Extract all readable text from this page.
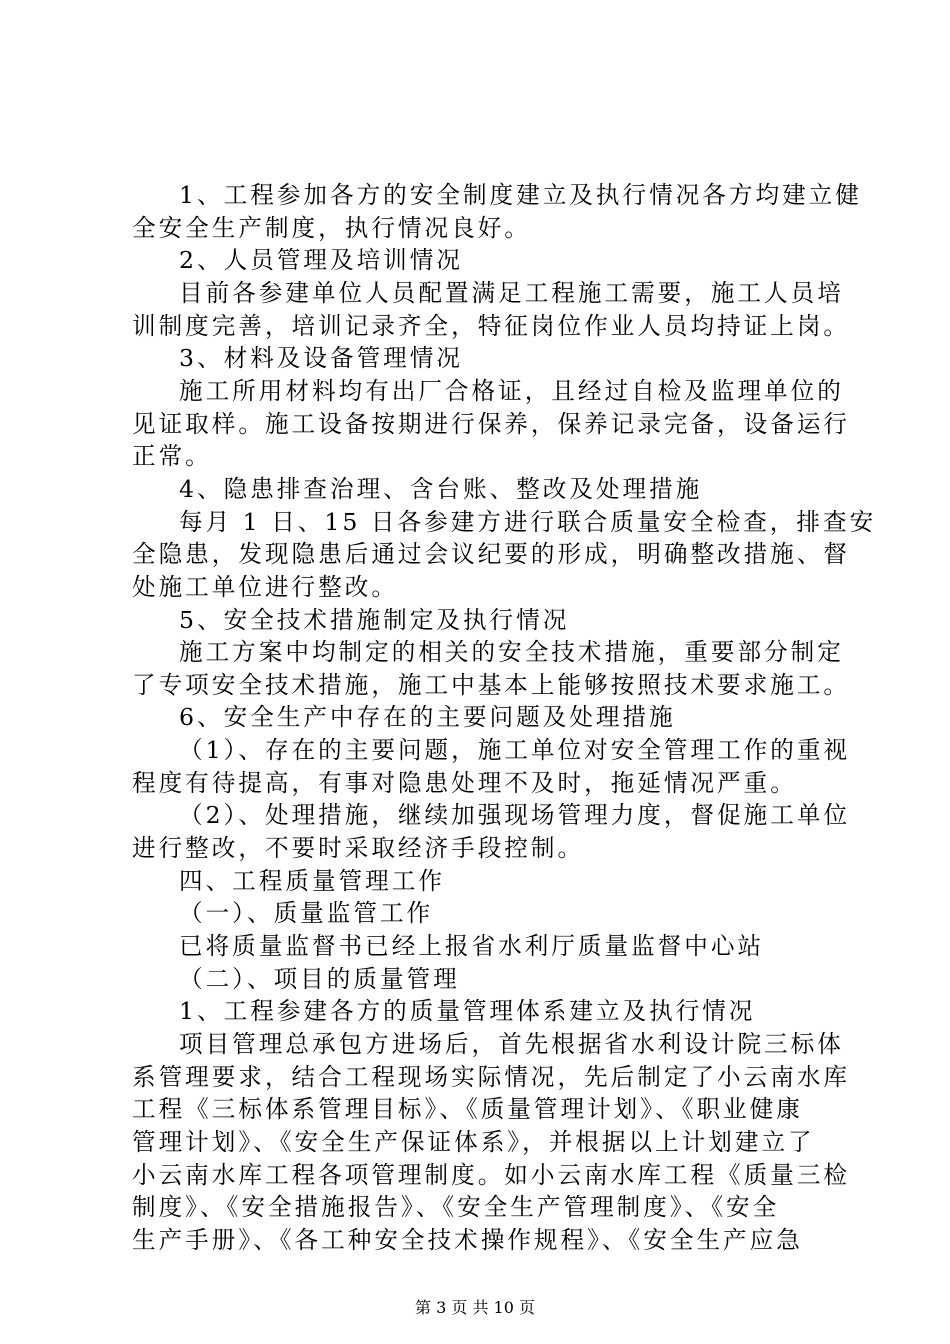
1、工程参加各方的安全制度建立及执行情况各方均建立健
全安全生产制度，执行情况良好。
2、人员管理及培训情况
目前各参建单位人员配置满足工程施工需要，施工人员培
训制度完善，培训记录齐全，特征岗位作业人员均持证上岗。
3、材料及设备管理情况
施工所用材料均有出厂合格证，且经过自检及监理单位的
见证取样。施工设备按期进行保养，保养记录完备，设备运行
正常。
4、隐患排查治理、含台账、整改及处理措施
每月 1 日、15 日各参建方进行联合质量安全检查，排查安
全隐患，发现隐患后通过会议纪要的形成，明确整改措施、督
处施工单位进行整改。
5、安全技术措施制定及执行情况
施工方案中均制定的相关的安全技术措施，重要部分制定
了专项安全技术措施，施工中基本上能够按照技术要求施工。
6、安全生产中存在的主要问题及处理措施
（1）、存在的主要问题，施工单位对安全管理工作的重视
程度有待提高，有事对隐患处理不及时，拖延情况严重。
（2）、处理措施，继续加强现场管理力度，督促施工单位
进行整改，不要时采取经济手段控制。
四、工程质量管理工作
（一）、质量监管工作
已将质量监督书已经上报省水利厅质量监督中心站
（二）、项目的质量管理
1、工程参建各方的质量管理体系建立及执行情况
项目管理总承包方进场后，首先根据省水利设计院三标体
系管理要求，结合工程现场实际情况，先后制定了小云南水库
工程《三标体系管理目标》、《质量管理计划》、《职业健康
管理计划》、《安全生产保证体系》，并根据以上计划建立了
小云南水库工程各项管理制度。如小云南水库工程《质量三检
制度》、《安全措施报告》、《安全生产管理制度》、《安全
生产手册》、《各工种安全技术操作规程》、《安全生产应急
第 3 页 共 10 页
